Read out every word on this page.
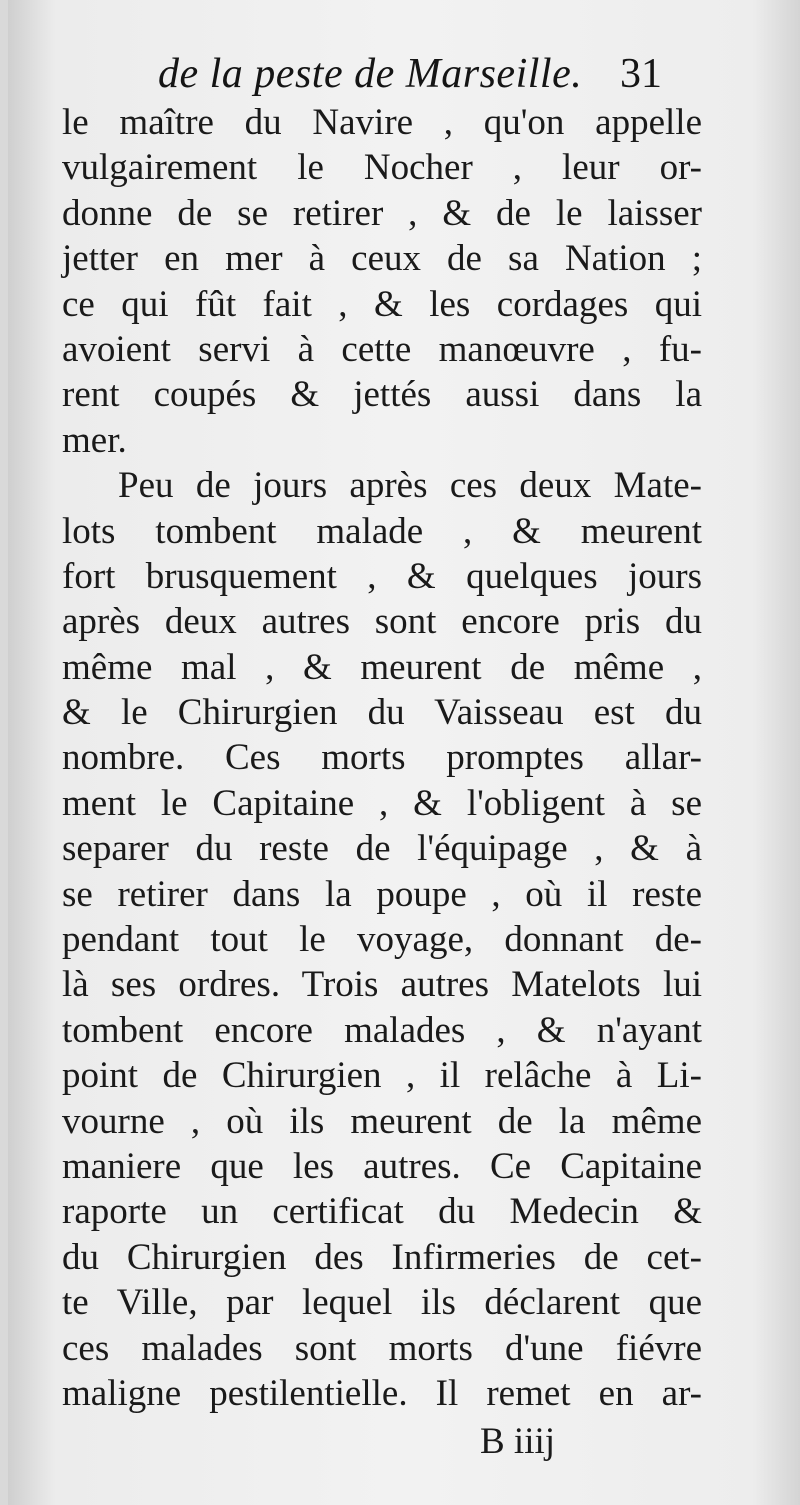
de la peste de Marseille. 31
le maître du Navire , qu'on appelle
vulgairement le Nocher , leur or-
donne de se retirer , & de le laisser
jetter en mer à ceux de sa Nation ;
ce qui fût fait , & les cordages qui
avoient servi à cette manœuvre , fu-
rent coupés & jettés aussi dans la
mer.
Peu de jours après ces deux Mate-
lots tombent malade , & meurent
fort brusquement , & quelques jours
après deux autres sont encore pris du
même mal , & meurent de même ,
& le Chirurgien du Vaisseau est du
nombre. Ces morts promptes allar-
ment le Capitaine , & l'obligent à se
separer du reste de l'équipage , & à
se retirer dans la poupe , où il reste
pendant tout le voyage, donnant de-
là ses ordres. Trois autres Matelots lui
tombent encore malades , & n'ayant
point de Chirurgien , il relâche à Li-
vourne , où ils meurent de la même
maniere que les autres. Ce Capitaine
raporte un certificat du Medecin &
du Chirurgien des Infirmeries de cet-
te Ville, par lequel ils déclarent que
ces malades sont morts d'une fiévre
maligne pestilentielle. Il remet en ar-
B iiij
